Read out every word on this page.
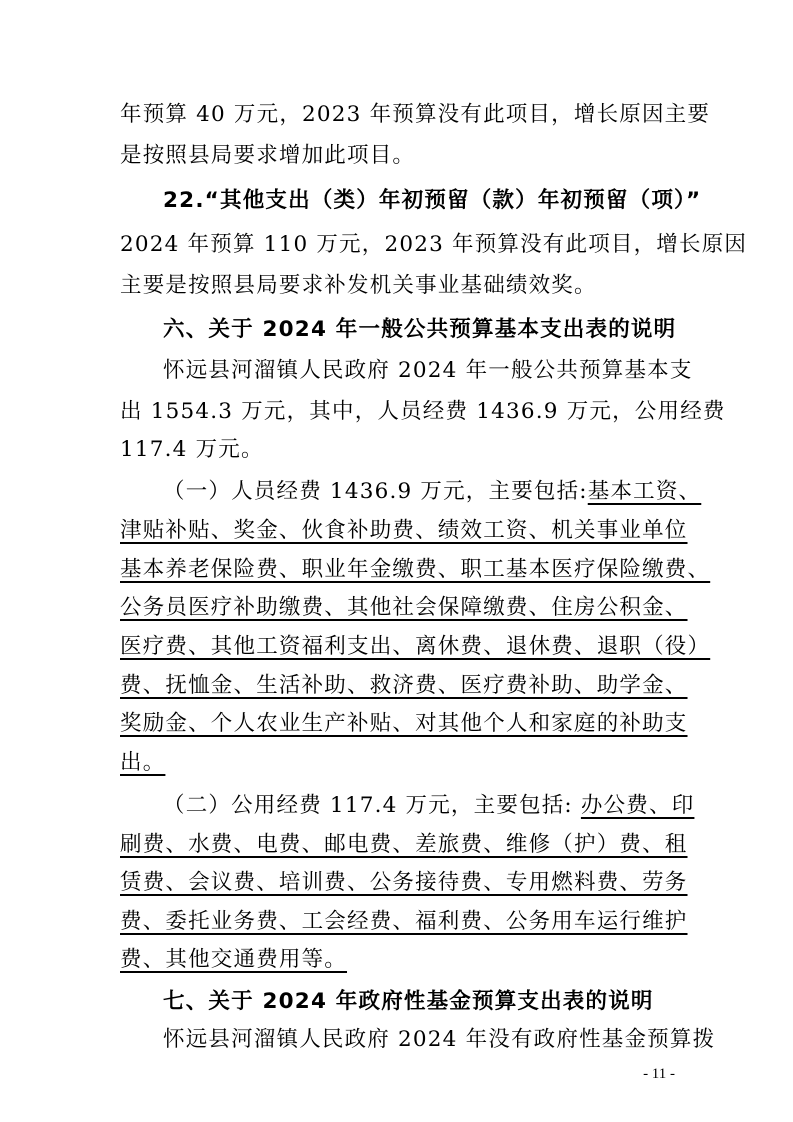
年预算 40 万元，2023 年预算没有此项目，增长原因主要
是按照县局要求增加此项目。
22.“其他支出（类）年初预留（款）年初预留（项）”
2024 年预算 110 万元，2023 年预算没有此项目，增长原因
主要是按照县局要求补发机关事业基础绩效奖。
六、关于 2024 年一般公共预算基本支出表的说明
怀远县河溜镇人民政府 2024 年一般公共预算基本支
出 1554.3 万元，其中，人员经费 1436.9 万元，公用经费
117.4 万元。
（一）人员经费 1436.9 万元，主要包括:基本工资、
津贴补贴、奖金、伙食补助费、绩效工资、机关事业单位
基本养老保险费、职业年金缴费、职工基本医疗保险缴费、
公务员医疗补助缴费、其他社会保障缴费、住房公积金、
医疗费、其他工资福利支出、离休费、退休费、退职（役）
费、抚恤金、生活补助、救济费、医疗费补助、助学金、
奖励金、个人农业生产补贴、对其他个人和家庭的补助支
出。
（二）公用经费 117.4 万元，主要包括: 办公费、印
刷费、水费、电费、邮电费、差旅费、维修（护）费、租
赁费、会议费、培训费、公务接待费、专用燃料费、劳务
费、委托业务费、工会经费、福利费、公务用车运行维护
费、其他交通费用等。
七、关于 2024 年政府性基金预算支出表的说明
怀远县河溜镇人民政府 2024 年没有政府性基金预算拨
- 11 -
